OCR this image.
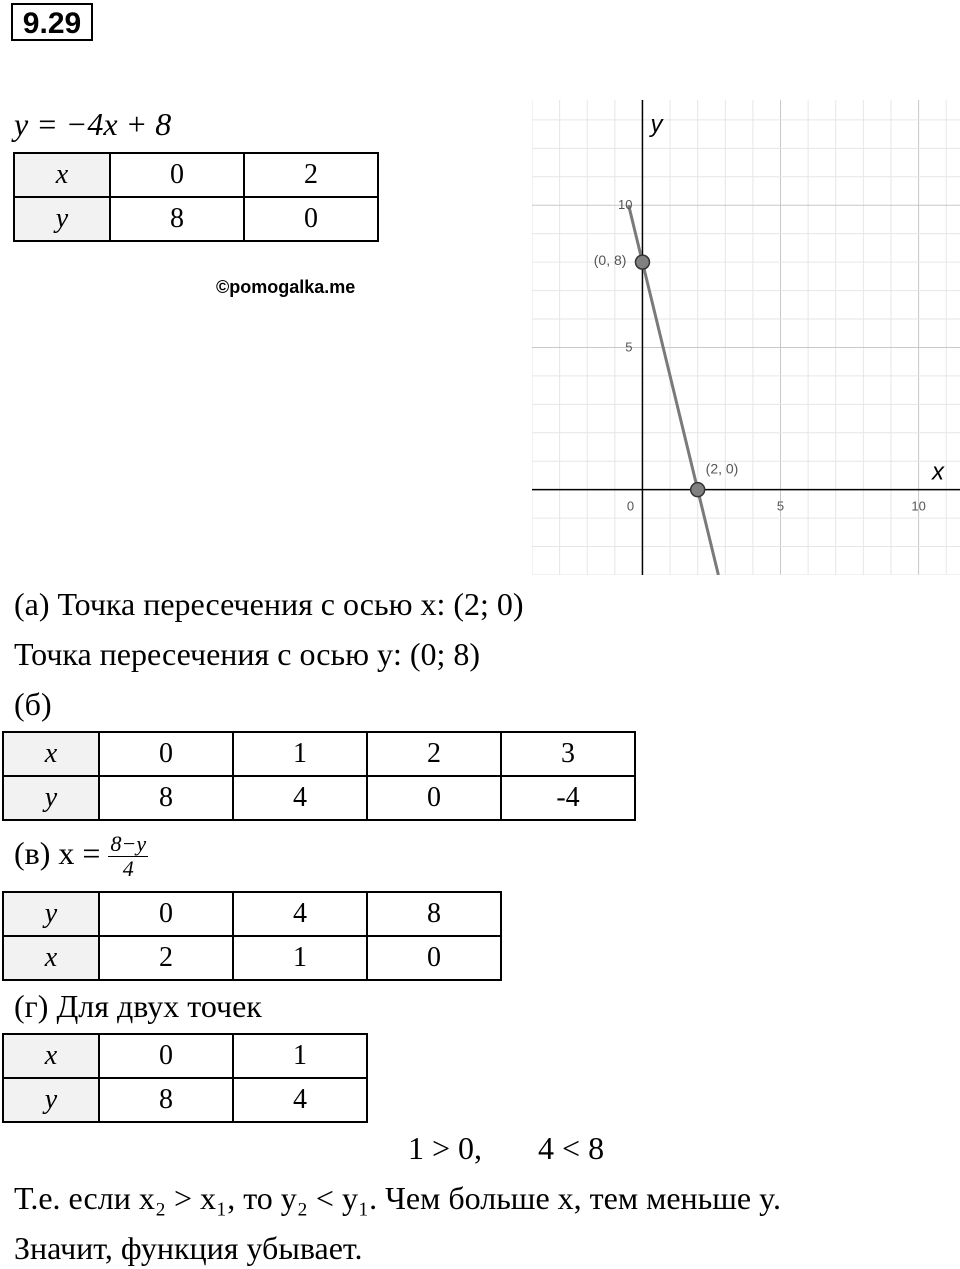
9.29
y = −4x + 8
x	0	2
y	8	0
©pomogalka.me
0	5	10
5
10
x
y
(0, 8)
(2, 0)
(а) Точка пересечения с осью x: (2; 0)
Точка пересечения с осью y: (0; 8)
(б)
x	0	1	2	3
y	8	4	0	-4
(в) $x = \frac{8-y}{4}$
y	0	4	8
x	2	1	0
(г) Для двух точек
x	0	1
y	8	4
1 > 0,       4 < 8
Т.е. если x₂ > x₁, то y₂ < y₁. Чем больше x, тем меньше y.
Значит, функция убывает.
